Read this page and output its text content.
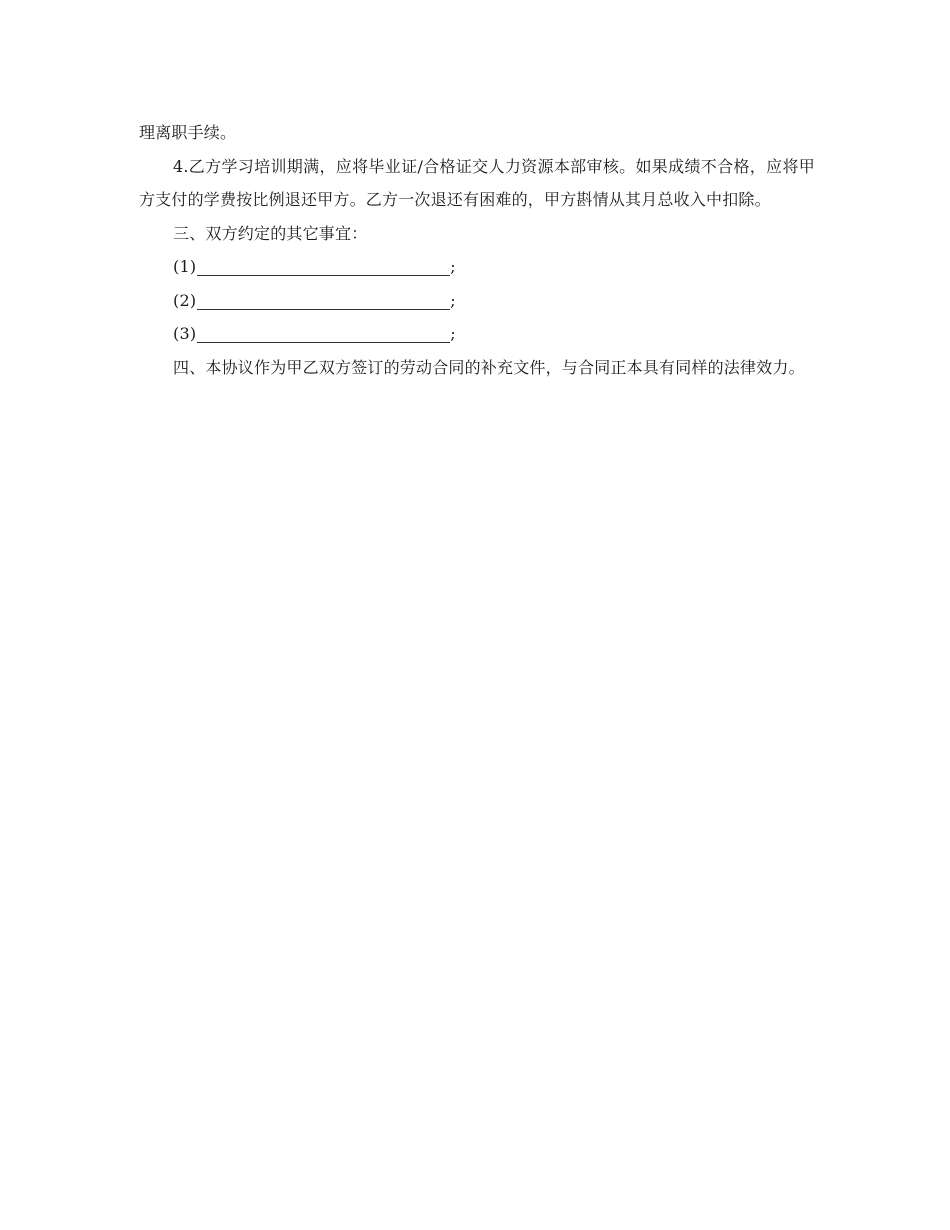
理离职手续。

4.乙方学习培训期满，应将毕业证/合格证交人力资源本部审核。如果成绩不合格，应将甲方支付的学费按比例退还甲方。乙方一次退还有困难的，甲方斟情从其月总收入中扣除。

三、双方约定的其它事宜：

(1)	;

(2)	;

(3)	;

四、本协议作为甲乙双方签订的劳动合同的补充文件，与合同正本具有同样的法律效力。
